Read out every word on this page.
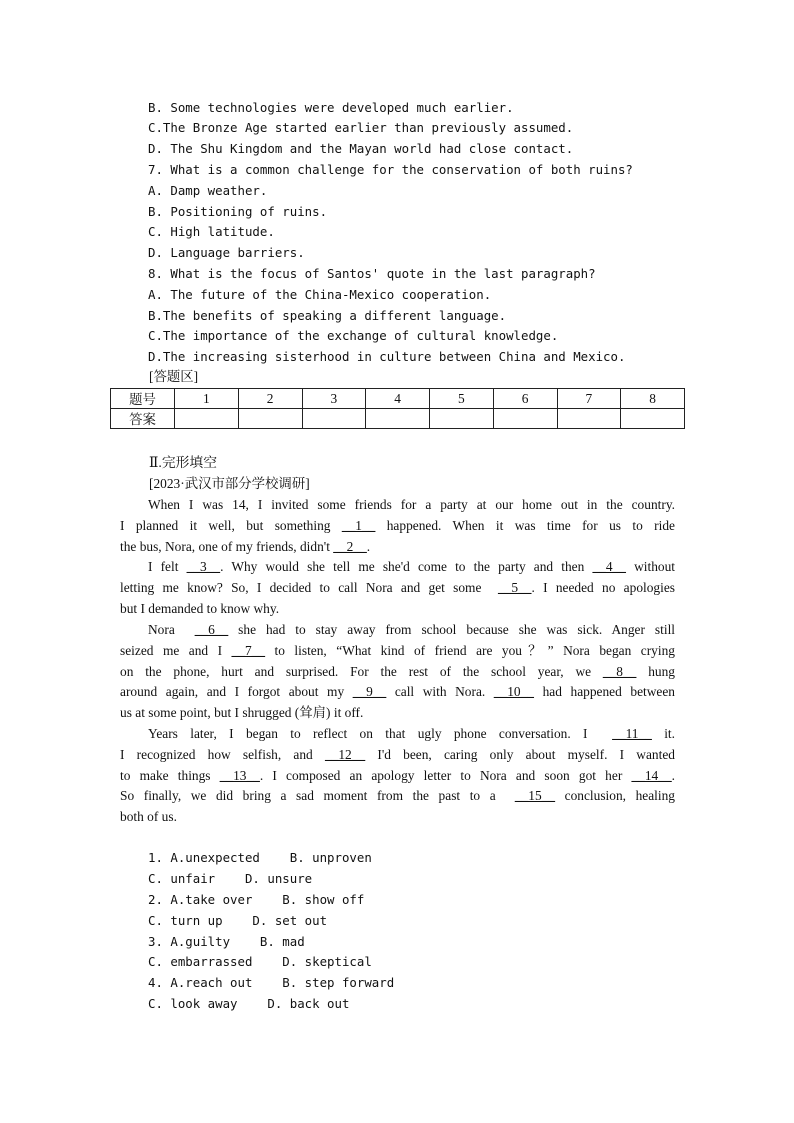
B. Some technologies were developed much earlier.
C.The Bronze Age started earlier than previously assumed.
D. The Shu Kingdom and the Mayan world had close contact.
7. What is a common challenge for the conservation of both ruins?
A. Damp weather.
B. Positioning of ruins.
C. High latitude.
D. Language barriers.
8. What is the focus of Santos' quote in the last paragraph?
A. The future of the China-Mexico cooperation.
B.The benefits of speaking a different language.
C.The importance of the exchange of cultural knowledge.
D.The increasing sisterhood in culture between China and Mexico.
[答题区]
题号	1	2	3	4	5	6	7	8
答案								
Ⅱ.完形填空
[2023·武汉市部分学校调研]
When I was 14, I invited some friends for a party at our home out in the country.
I planned it well, but something __1__ happened. When it was time for us to ride
the bus, Nora, one of my friends, didn't __2__.
I felt __3__. Why would she tell me she'd come to the party and then __4__ without
letting me know? So, I decided to call Nora and get some  __5__. I needed no apologies
but I demanded to know why.
Nora  __6__ she had to stay away from school because she was sick. Anger still
seized me and I __7__ to listen, “What kind of friend are you？” Nora began crying
on the phone, hurt and surprised. For the rest of the school year, we __8__ hung
around again, and I forgot about my __9__ call with Nora. __10__ had happened between
us at some point, but I shrugged (耸肩) it off.
Years later, I began to reflect on that ugly phone conversation. I  __11__ it.
I recognized how selfish, and __12__ I'd been, caring only about myself. I wanted
to make things __13__. I composed an apology letter to Nora and soon got her __14__.
So finally, we did bring a sad moment from the past to a  __15__ conclusion, healing
both of us.
1. A.unexpected    B. unproven
C. unfair    D. unsure
2. A.take over    B. show off
C. turn up    D. set out
3. A.guilty    B. mad
C. embarrassed    D. skeptical
4. A.reach out    B. step forward
C. look away    D. back out
